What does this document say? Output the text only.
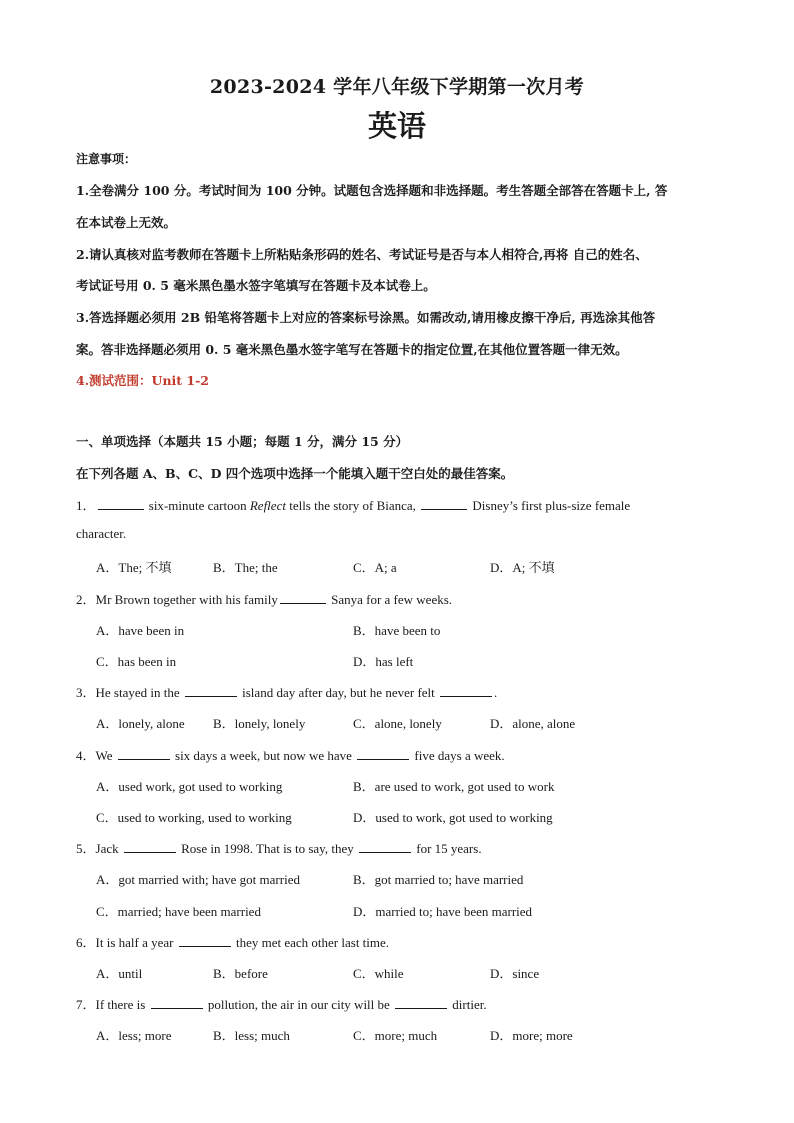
2023-2024 学年八年级下学期第一次月考
英语
注意事项：
1.全卷满分 100 分。考试时间为 100 分钟。试题包含选择题和非选择题。考生答题全部答在答题卡上, 答
在本试卷上无效。
2.请认真核对监考教师在答题卡上所粘贴条形码的姓名、考试证号是否与本人相符合,再将 自己的姓名、
考试证号用 0. 5 毫米黑色墨水签字笔填写在答题卡及本试卷上。
3.答选择题必须用 2B 铅笔将答题卡上对应的答案标号涂黑。如需改动,请用橡皮擦干净后, 再选涂其他答
案。答非选择题必须用 0. 5 毫米黑色墨水签字笔写在答题卡的指定位置,在其他位置答题一律无效。
4.测试范围：Unit 1-2
一、单项选择（本题共 15 小题；每题 1 分，满分 15 分）
在下列各题 A、B、C、D 四个选项中选择一个能填入题干空白处的最佳答案。
1．	six-minute cartoon Reflect tells the story of Bianca,	Disney’s first plus-size female
character.
A．The; 不填	B．The; the	C．A; a	D．A; 不填
2．Mr Brown together with his family	Sanya for a few weeks.
A．have been in	B．have been to
C．has been in	D．has left
3．He stayed in the	island day after day, but he never felt	.
A．lonely, alone B．lonely, lonely	C．alone, lonely	D．alone, alone
4．We	six days a week, but now we have	five days a week.
A．used work, got used to working	B．are used to work, got used to work
C．used to working, used to working	D．used to work, got used to working
5．Jack	Rose in 1998. That is to say, they	for 15 years.
A．got married with; have got married	B．got married to; have married
C．married; have been married	D．married to; have been married
6．It is half a year	they met each other last time.
A．until	B．before	C．while	D．since
7．If there is	pollution, the air in our city will be	dirtier.
A．less; more	B．less; much	C．more; much	D．more; more
